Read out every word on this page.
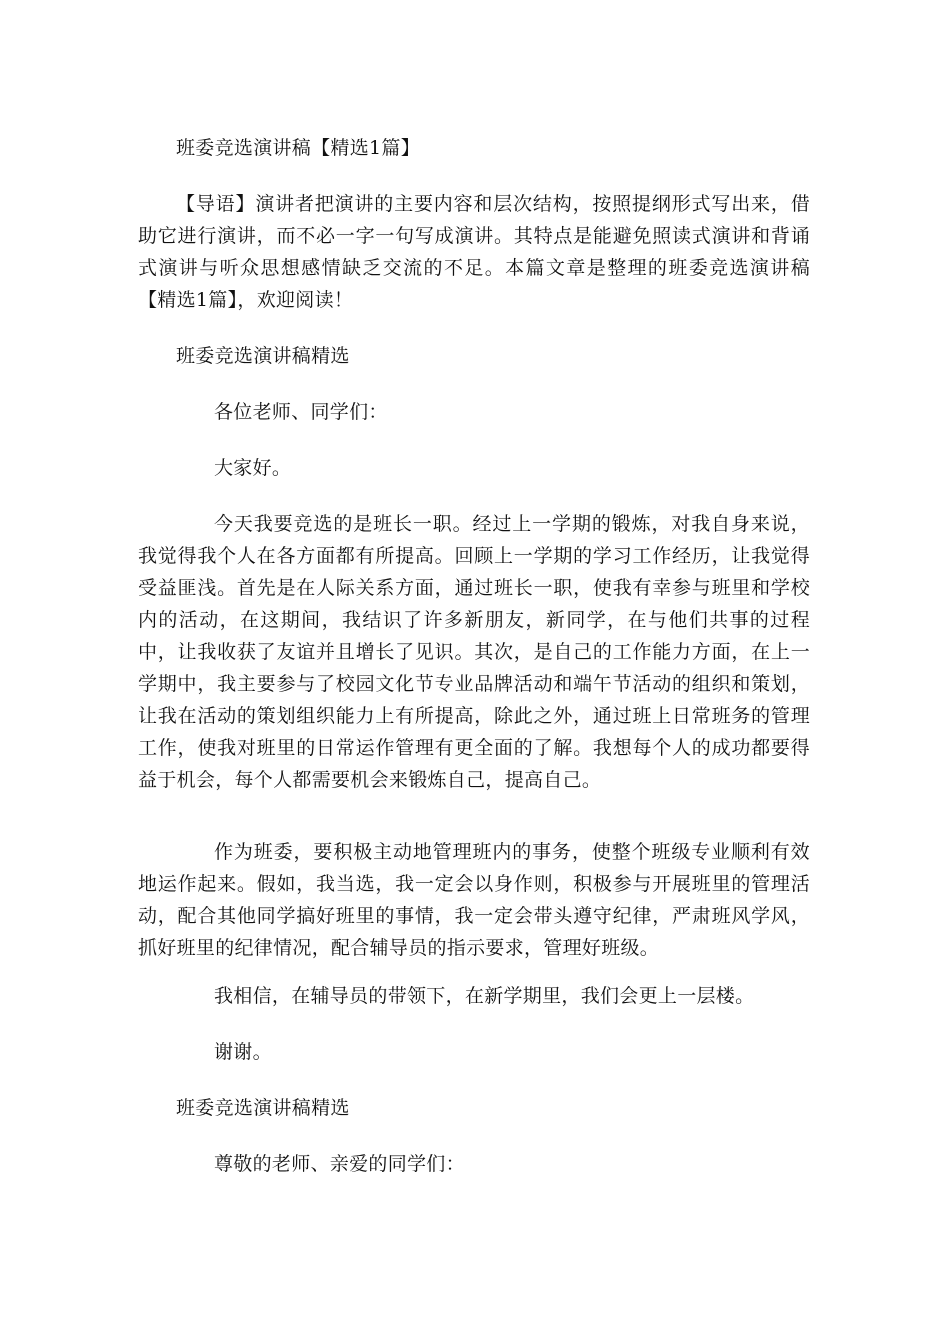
班委竞选演讲稿【精选1篇】

【导语】演讲者把演讲的主要内容和层次结构，按照提纲形式写出来，借助它进行演讲，而不必一字一句写成演讲。其特点是能避免照读式演讲和背诵式演讲与听众思想感情缺乏交流的不足。本篇文章是整理的班委竞选演讲稿【精选1篇】，欢迎阅读！

班委竞选演讲稿精选

各位老师、同学们：

大家好。

今天我要竞选的是班长一职。经过上一学期的锻炼，对我自身来说，我觉得我个人在各方面都有所提高。回顾上一学期的学习工作经历，让我觉得受益匪浅。首先是在人际关系方面，通过班长一职，使我有幸参与班里和学校内的活动，在这期间，我结识了许多新朋友，新同学，在与他们共事的过程中，让我收获了友谊并且增长了见识。其次，是自己的工作能力方面，在上一学期中，我主要参与了校园文化节专业品牌活动和端午节活动的组织和策划，让我在活动的策划组织能力上有所提高，除此之外，通过班上日常班务的管理工作，使我对班里的日常运作管理有更全面的了解。我想每个人的成功都要得益于机会，每个人都需要机会来锻炼自己，提高自己。

作为班委，要积极主动地管理班内的事务，使整个班级专业顺利有效地运作起来。假如，我当选，我一定会以身作则，积极参与开展班里的管理活动，配合其他同学搞好班里的事情，我一定会带头遵守纪律，严肃班风学风，抓好班里的纪律情况，配合辅导员的指示要求，管理好班级。

我相信，在辅导员的带领下，在新学期里，我们会更上一层楼。

谢谢。

班委竞选演讲稿精选

尊敬的老师、亲爱的同学们：
